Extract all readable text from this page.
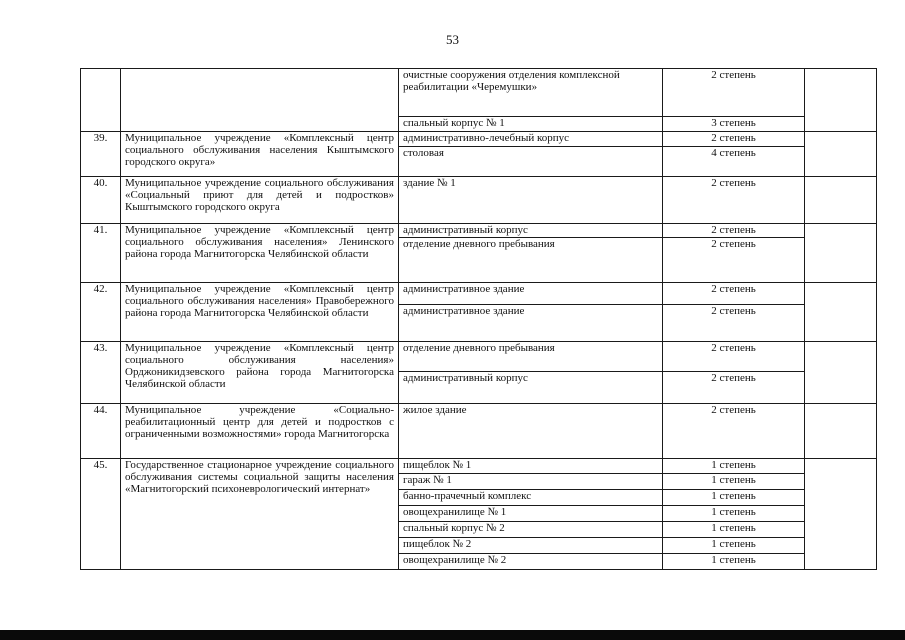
53
		очистные сооружения отделения комплексной реабилитации «Черемушки»	2 степень	
		спальный корпус № 1	3 степень	
39.	Муниципальное учреждение «Комплексный центр социального обслуживания населения Кыштымского городского округа»	административно-лечебный корпус	2 степень	
		столовая	4 степень	
40.	Муниципальное учреждение социального обслуживания «Социальный приют для детей и подростков» Кыштымского городского округа	здание № 1	2 степень	
41.	Муниципальное учреждение «Комплексный центр социального обслуживания населения» Ленинского района города Магнитогорска Челябинской области	административный корпус	2 степень	
		отделение дневного пребывания	2 степень	
42.	Муниципальное учреждение «Комплексный центр социального обслуживания населения» Правобережного района города Магнитогорска Челябинской области	административное здание	2 степень	
		административное здание	2 степень	
43.	Муниципальное учреждение «Комплексный центр социального обслуживания населения» Орджоникидзевского района города Магнитогорска Челябинской области	отделение дневного пребывания	2 степень	
		административный корпус	2 степень	
44.	Муниципальное учреждение «Социально-реабилитационный центр для детей и подростков с ограниченными возможностями» города Магнитогорска	жилое здание	2 степень	
45.	Государственное стационарное учреждение социального обслуживания системы социальной защиты населения «Магнитогорский психоневрологический интернат»	пищеблок № 1	1 степень	
		гараж № 1	1 степень	
		банно-прачечный комплекс	1 степень	
		овощехранилище № 1	1 степень	
		спальный корпус № 2	1 степень	
		пищеблок № 2	1 степень	
		овощехранилище № 2	1 степень	
